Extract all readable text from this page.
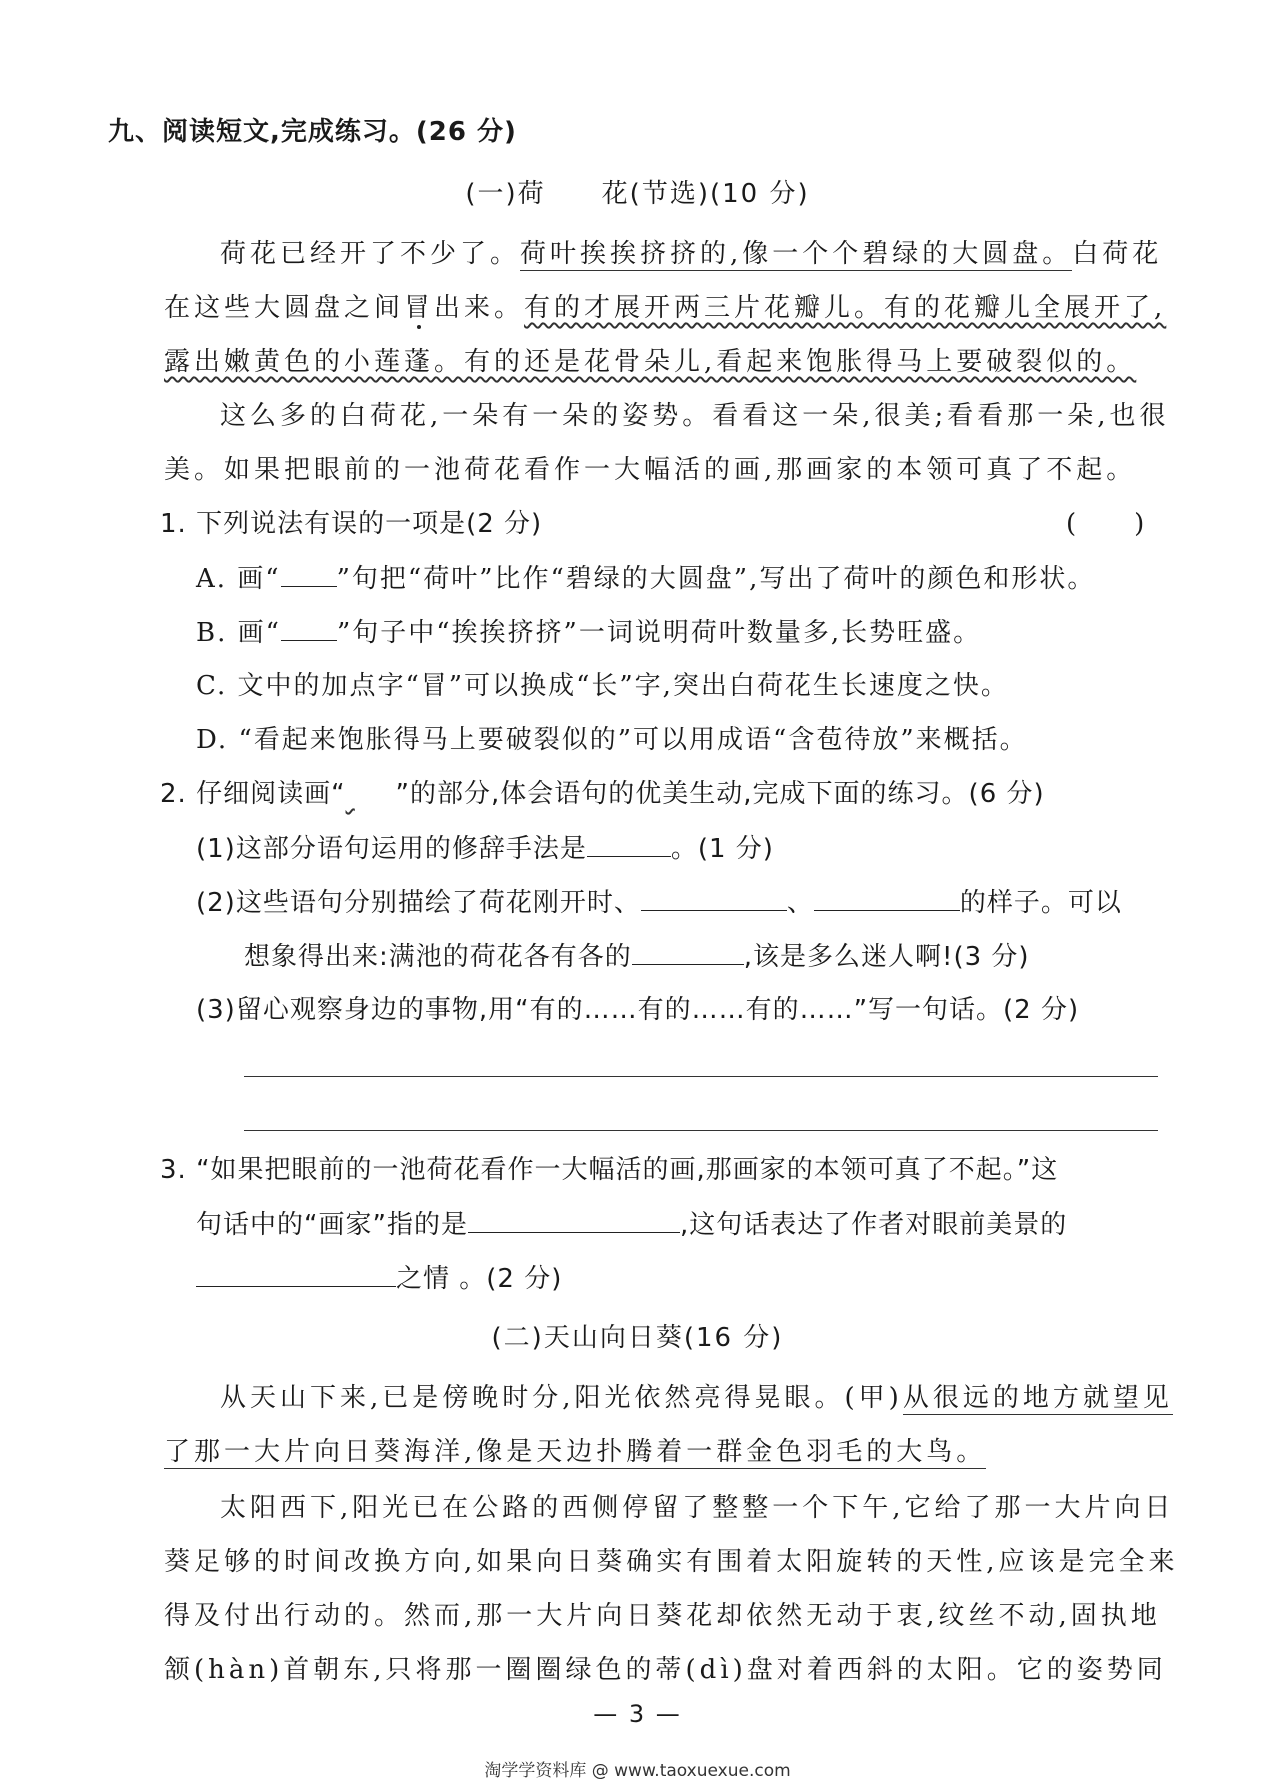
九、阅读短文,完成练习。(26 分)
(一)荷　　花(节选)(10 分)
荷花已经开了不少了。荷叶挨挨挤挤的,像一个个碧绿的大圆盘。白荷花
在这些大圆盘之间冒出来。有的才展开两三片花瓣儿。有的花瓣儿全展开了,
露出嫩黄色的小莲蓬。有的还是花骨朵儿,看起来饱胀得马上要破裂似的。
这么多的白荷花,一朵有一朵的姿势。看看这一朵,很美;看看那一朵,也很
美。如果把眼前的一池荷花看作一大幅活的画,那画家的本领可真了不起。
1. 下列说法有误的一项是(2 分)	(　　)
A. 画“ ”句把“荷叶”比作“碧绿的大圆盘”,写出了荷叶的颜色和形状。
B. 画“ ”句子中“挨挨挤挤”一词说明荷叶数量多,长势旺盛。
C. 文中的加点字“冒”可以换成“长”字,突出白荷花生长速度之快。
D. “看起来饱胀得马上要破裂似的”可以用成语“含苞待放”来概括。
2. 仔细阅读画“ ”的部分,体会语句的优美生动,完成下面的练习。(6 分)
(1)这部分语句运用的修辞手法是	。(1 分)
(2)这些语句分别描绘了荷花刚开时、	、	的样子。可以
想象得出来:满池的荷花各有各的	,该是多么迷人啊!(3 分)
(3)留心观察身边的事物,用“有的……有的……有的……”写一句话。(2 分)
3. “如果把眼前的一池荷花看作一大幅活的画,那画家的本领可真了不起。”这
句话中的“画家”指的是	,这句话表达了作者对眼前美景的
之情 。(2 分)
(二)天山向日葵(16 分)
从天山下来,已是傍晚时分,阳光依然亮得晃眼。(甲)从很远的地方就望见
了那一大片向日葵海洋,像是天边扑腾着一群金色羽毛的大鸟。
太阳西下,阳光已在公路的西侧停留了整整一个下午,它给了那一大片向日
葵足够的时间改换方向,如果向日葵确实有围着太阳旋转的天性,应该是完全来
得及付出行动的。然而,那一大片向日葵花却依然无动于衷,纹丝不动,固执地
颔(hàn)首朝东,只将那一圈圈绿色的蒂(dì)盘对着西斜的太阳。它的姿势同
— 3 —
淘学学资料库 @ www.taoxuexue.com
